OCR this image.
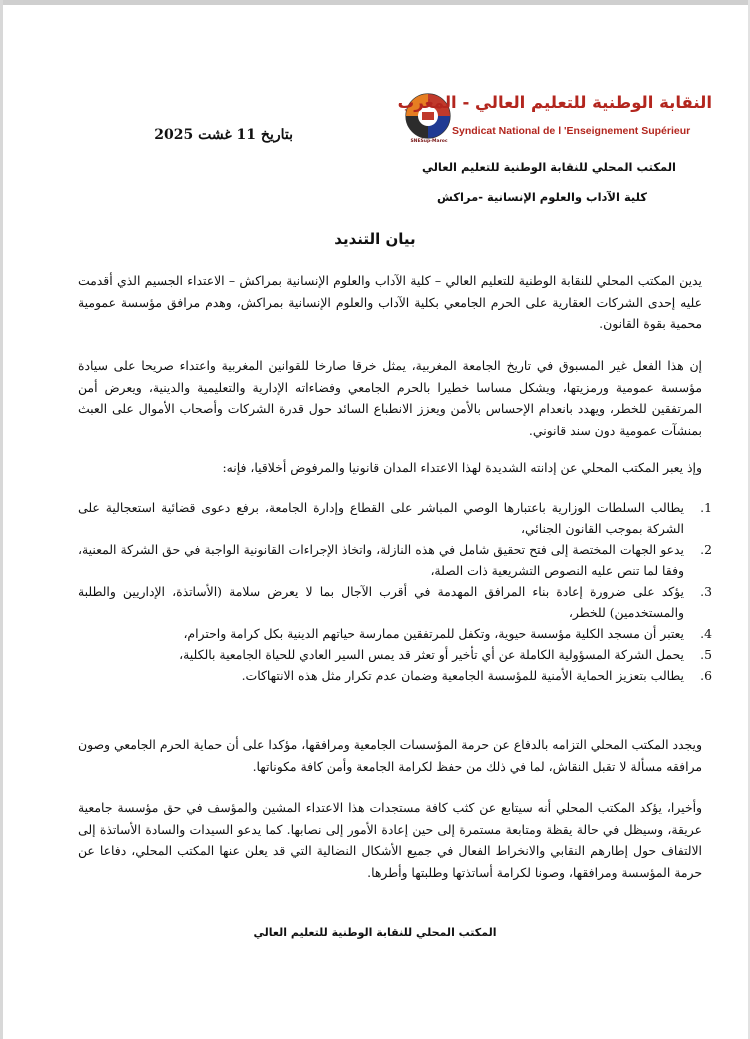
SNESup-Maroc
النقابة الوطنية للتعليم العالي - المغرب
Syndicat National de l 'Enseignement Supérieur
بتاريخ 11 غشت 2025
المكتب المحلي للنقابة الوطنية للتعليم العالي
كلية الآداب والعلوم الإنسانية -مراكش
بيان التنديد
يدين المكتب المحلي للنقابة الوطنية للتعليم العالي – كلية الآداب والعلوم الإنسانية بمراكش – الاعتداء الجسيم الذي أقدمت عليه إحدى الشركات العقارية على الحرم الجامعي بكلية الآداب والعلوم الإنسانية بمراكش، وهدم مرافق مؤسسة عمومية محمية بقوة القانون.
إن هذا الفعل غير المسبوق في تاريخ الجامعة المغربية، يمثل خرقا صارخا للقوانين المغربية واعتداء صريحا على سيادة مؤسسة عمومية ورمزيتها، ويشكل مساسا خطيرا بالحرم الجامعي وفضاءاته الإدارية والتعليمية والدينية، ويعرض أمن المرتفقين للخطر، ويهدد بانعدام الإحساس بالأمن ويعزز الانطباع السائد حول قدرة الشركات وأصحاب الأموال على العبث بمنشآت عمومية دون سند قانوني.
وإذ يعبر المكتب المحلي عن إدانته الشديدة لهذا الاعتداء المدان قانونيا والمرفوض أخلاقيا، فإنه:
1.
يطالب السلطات الوزارية باعتبارها الوصي المباشر على القطاع وإدارة الجامعة، برفع دعوى قضائية استعجالية على الشركة بموجب القانون الجنائي،
2.
يدعو الجهات المختصة إلى فتح تحقيق شامل في هذه النازلة، واتخاذ الإجراءات القانونية الواجبة في حق الشركة المعنية، وفقا لما تنص عليه النصوص التشريعية ذات الصلة،
3.
يؤكد على ضرورة إعادة بناء المرافق المهدمة في أقرب الآجال بما لا يعرض سلامة (الأساتذة، الإداريين والطلبة والمستخدمين) للخطر،
4.
يعتبر أن مسجد الكلية مؤسسة حيوية، وتكفل للمرتفقين ممارسة حياتهم الدينية بكل كرامة واحترام،
5.
يحمل الشركة المسؤولية الكاملة عن أي تأخير أو تعثر قد يمس السير العادي للحياة الجامعية بالكلية،
6.
يطالب بتعزيز الحماية الأمنية للمؤسسة الجامعية وضمان عدم تكرار مثل هذه الانتهاكات.
ويجدد المكتب المحلي التزامه بالدفاع عن حرمة المؤسسات الجامعية ومرافقها، مؤكدا على أن حماية الحرم الجامعي وصون مرافقه مسألة لا تقبل النقاش، لما في ذلك من حفظ لكرامة الجامعة وأمن كافة مكوناتها.
وأخيرا، يؤكد المكتب المحلي أنه سيتابع عن كثب كافة مستجدات هذا الاعتداء المشين والمؤسف في حق مؤسسة جامعية عريقة، وسيظل في حالة يقظة ومتابعة مستمرة إلى حين إعادة الأمور إلى نصابها. كما يدعو السيدات والسادة الأساتذة إلى الالتفاف حول إطارهم النقابي والانخراط الفعال في جميع الأشكال النضالية التي قد يعلن عنها المكتب المحلي، دفاعا عن حرمة المؤسسة ومرافقها، وصونا لكرامة أساتذتها وطلبتها وأطرها.
المكتب المحلي للنقابة الوطنية للتعليم العالي
